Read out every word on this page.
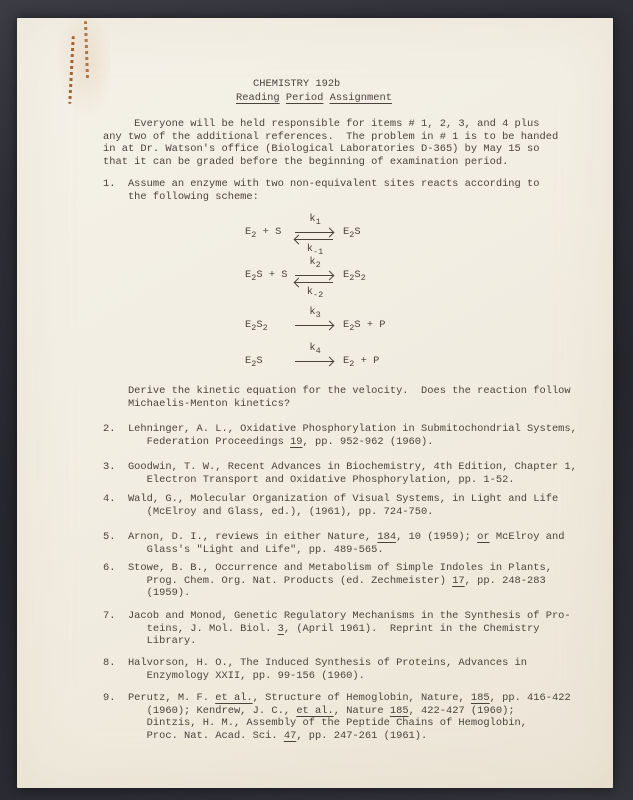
CHEMISTRY 192b
Reading Period Assignment
Everyone will be held responsible for items # 1, 2, 3, and 4 plus
any two of the additional references.  The problem in # 1 is to be handed
in at Dr. Watson's office (Biological Laboratories D-365) by May 15 so
that it can be graded before the beginning of examination period.
1.  Assume an enzyme with two non-equivalent sites reacts according to
the following scheme:
$E_2 + S$
$k_1$
$k_{-1}$
$E_2S$
$E_2S + S$
$k_2$
$k_{-2}$
$E_2S_2$
$E_2S_2$
$k_3$
$E_2S + P$
$E_2S$
$k_4$
$E_2 + P$
Derive the kinetic equation for the velocity.  Does the reaction follow
Michaelis-Menton kinetics?
2.  Lehninger, A. L., Oxidative Phosphorylation in Submitochondrial Systems,
Federation Proceedings 19, pp. 952-962 (1960).
3.  Goodwin, T. W., Recent Advances in Biochemistry, 4th Edition, Chapter 1,
Electron Transport and Oxidative Phosphorylation, pp. 1-52.
4.  Wald, G., Molecular Organization of Visual Systems, in Light and Life
(McElroy and Glass, ed.), (1961), pp. 724-750.
5.  Arnon, D. I., reviews in either Nature, 184, 10 (1959); or McElroy and
Glass's "Light and Life", pp. 489-565.
6.  Stowe, B. B., Occurrence and Metabolism of Simple Indoles in Plants,
Prog. Chem. Org. Nat. Products (ed. Zechmeister) 17, pp. 248-283
(1959).
7.  Jacob and Monod, Genetic Regulatory Mechanisms in the Synthesis of Pro-
teins, J. Mol. Biol. 3, (April 1961).  Reprint in the Chemistry
Library.
8.  Halvorson, H. O., The Induced Synthesis of Proteins, Advances in
Enzymology XXII, pp. 99-156 (1960).
9.  Perutz, M. F. et al., Structure of Hemoglobin, Nature, 185, pp. 416-422
(1960); Kendrew, J. C., et al., Nature 185, 422-427 (1960);
Dintzis, H. M., Assembly of the Peptide Chains of Hemoglobin,
Proc. Nat. Acad. Sci. 47, pp. 247-261 (1961).
